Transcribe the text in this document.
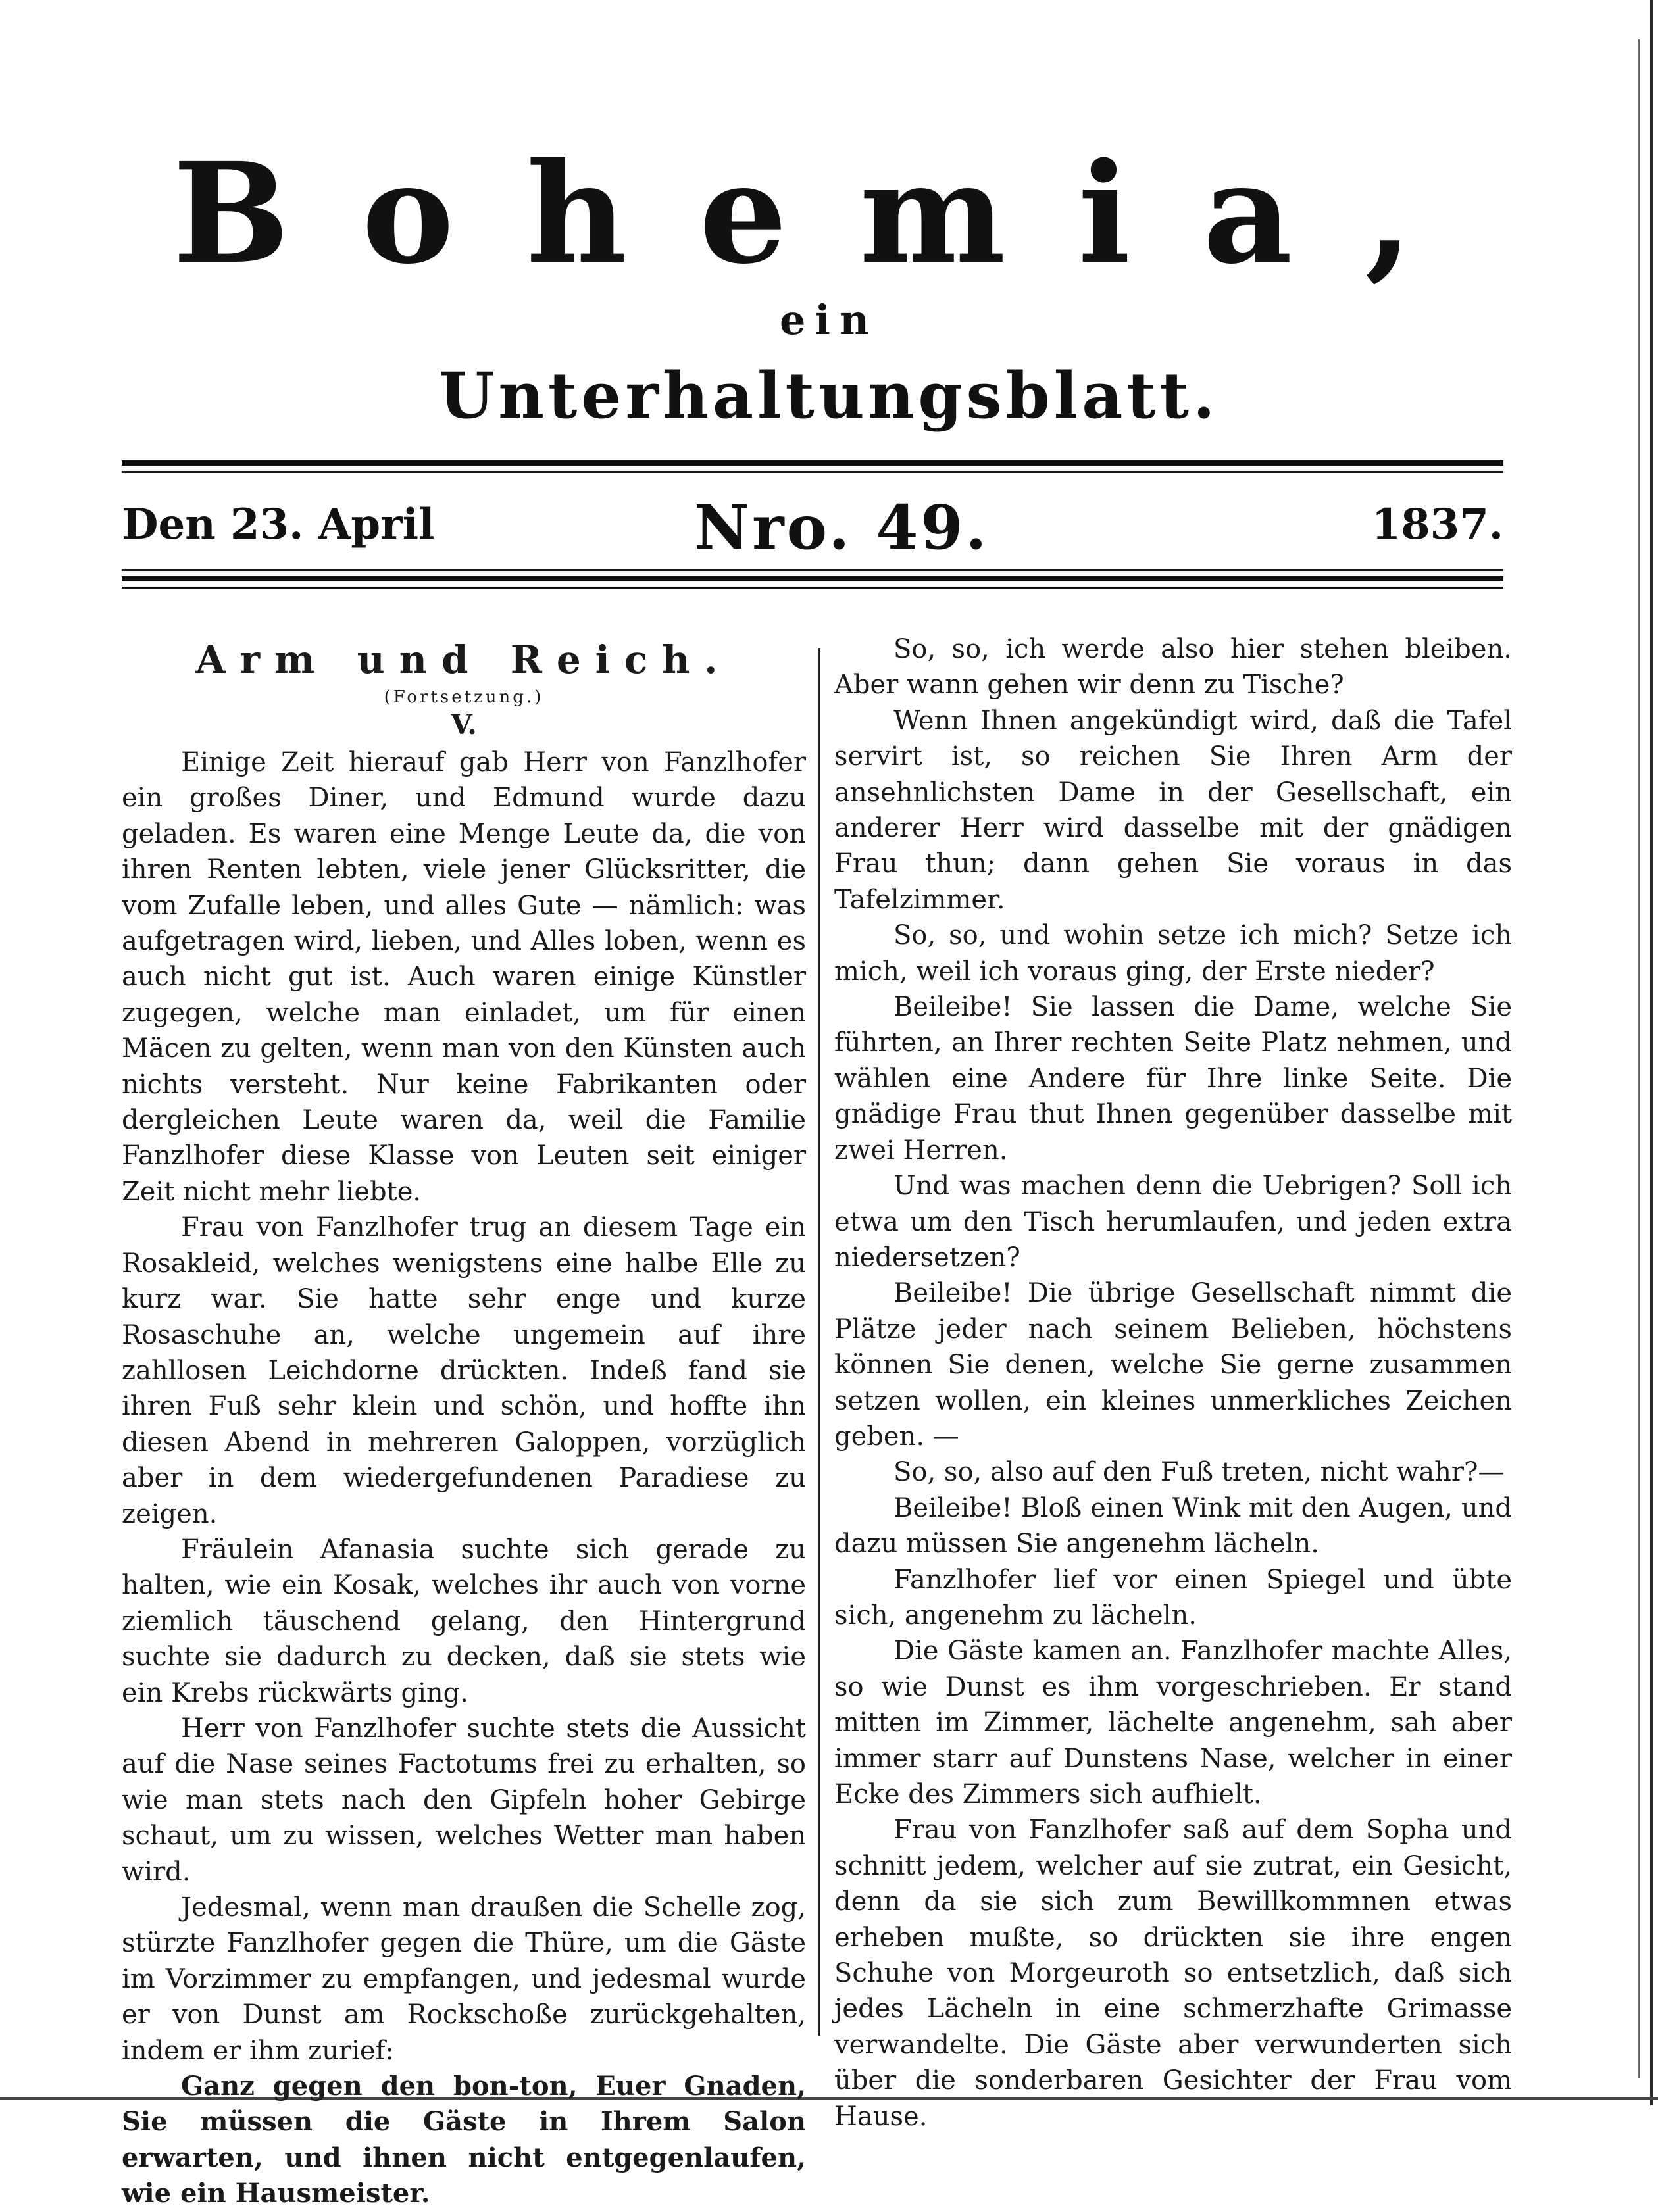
Bohemia,
ein
Unterhaltungsblatt.
Den 23. April	Nro. 49.	1837.
Arm und Reich.
(Fortsetzung.)
V.

Einige Zeit hierauf gab Herr von Fanzlhofer ein großes Diner, und Edmund wurde dazu geladen. Es waren eine Menge Leute da, die von ihren Renten lebten, viele jener Glücksritter, die vom Zufalle leben, und alles Gute — nämlich: was aufgetragen wird, lieben, und Alles loben, wenn es auch nicht gut ist. Auch waren einige Künstler zugegen, welche man einladet, um für einen Mäcen zu gelten, wenn man von den Künsten auch nichts versteht. Nur keine Fabrikanten oder dergleichen Leute waren da, weil die Familie Fanzlhofer diese Klasse von Leuten seit einiger Zeit nicht mehr liebte.

Frau von Fanzlhofer trug an diesem Tage ein Rosakleid, welches wenigstens eine halbe Elle zu kurz war. Sie hatte sehr enge und kurze Rosaschuhe an, welche ungemein auf ihre zahllosen Leichdorne drückten. Indeß fand sie ihren Fuß sehr klein und schön, und hoffte ihn diesen Abend in mehreren Galoppen, vorzüglich aber in dem wiedergefundenen Paradiese zu zeigen.

Fräulein Afanasia suchte sich gerade zu halten, wie ein Kosak, welches ihr auch von vorne ziemlich täuschend gelang, den Hintergrund suchte sie dadurch zu decken, daß sie stets wie ein Krebs rückwärts ging.

Herr von Fanzlhofer suchte stets die Aussicht auf die Nase seines Factotums frei zu erhalten, so wie man stets nach den Gipfeln hoher Gebirge schaut, um zu wissen, welches Wetter man haben wird.

Jedesmal, wenn man draußen die Schelle zog, stürzte Fanzlhofer gegen die Thüre, um die Gäste im Vorzimmer zu empfangen, und jedesmal wurde er von Dunst am Rockschoße zurückgehalten, indem er ihm zurief:

Ganz gegen den bon-ton, Euer Gnaden, Sie müssen die Gäste in Ihrem Salon erwarten, und ihnen nicht entgegenlaufen, wie ein Hausmeister.

So, so, ich werde also hier stehen bleiben. Aber wann gehen wir denn zu Tische?

Wenn Ihnen angekündigt wird, daß die Tafel servirt ist, so reichen Sie Ihren Arm der ansehnlichsten Dame in der Gesellschaft, ein anderer Herr wird dasselbe mit der gnädigen Frau thun; dann gehen Sie voraus in das Tafelzimmer.

So, so, und wohin setze ich mich? Setze ich mich, weil ich voraus ging, der Erste nieder?

Beileibe! Sie lassen die Dame, welche Sie führten, an Ihrer rechten Seite Platz nehmen, und wählen eine Andere für Ihre linke Seite. Die gnädige Frau thut Ihnen gegenüber dasselbe mit zwei Herren.

Und was machen denn die Uebrigen? Soll ich etwa um den Tisch herumlaufen, und jeden extra niedersetzen?

Beileibe! Die übrige Gesellschaft nimmt die Plätze jeder nach seinem Belieben, höchstens können Sie denen, welche Sie gerne zusammen setzen wollen, ein kleines unmerkliches Zeichen geben. —

So, so, also auf den Fuß treten, nicht wahr?—

Beileibe! Bloß einen Wink mit den Augen, und dazu müssen Sie angenehm lächeln.

Fanzlhofer lief vor einen Spiegel und übte sich, angenehm zu lächeln.

Die Gäste kamen an. Fanzlhofer machte Alles, so wie Dunst es ihm vorgeschrieben. Er stand mitten im Zimmer, lächelte angenehm, sah aber immer starr auf Dunstens Nase, welcher in einer Ecke des Zimmers sich aufhielt.

Frau von Fanzlhofer saß auf dem Sopha und schnitt jedem, welcher auf sie zutrat, ein Gesicht, denn da sie sich zum Bewillkommnen etwas erheben mußte, so drückten sie ihre engen Schuhe von Morgeuroth so entsetzlich, daß sich jedes Lächeln in eine schmerzhafte Grimasse verwandelte. Die Gäste aber verwunderten sich über die sonderbaren Gesichter der Frau vom Hause.
